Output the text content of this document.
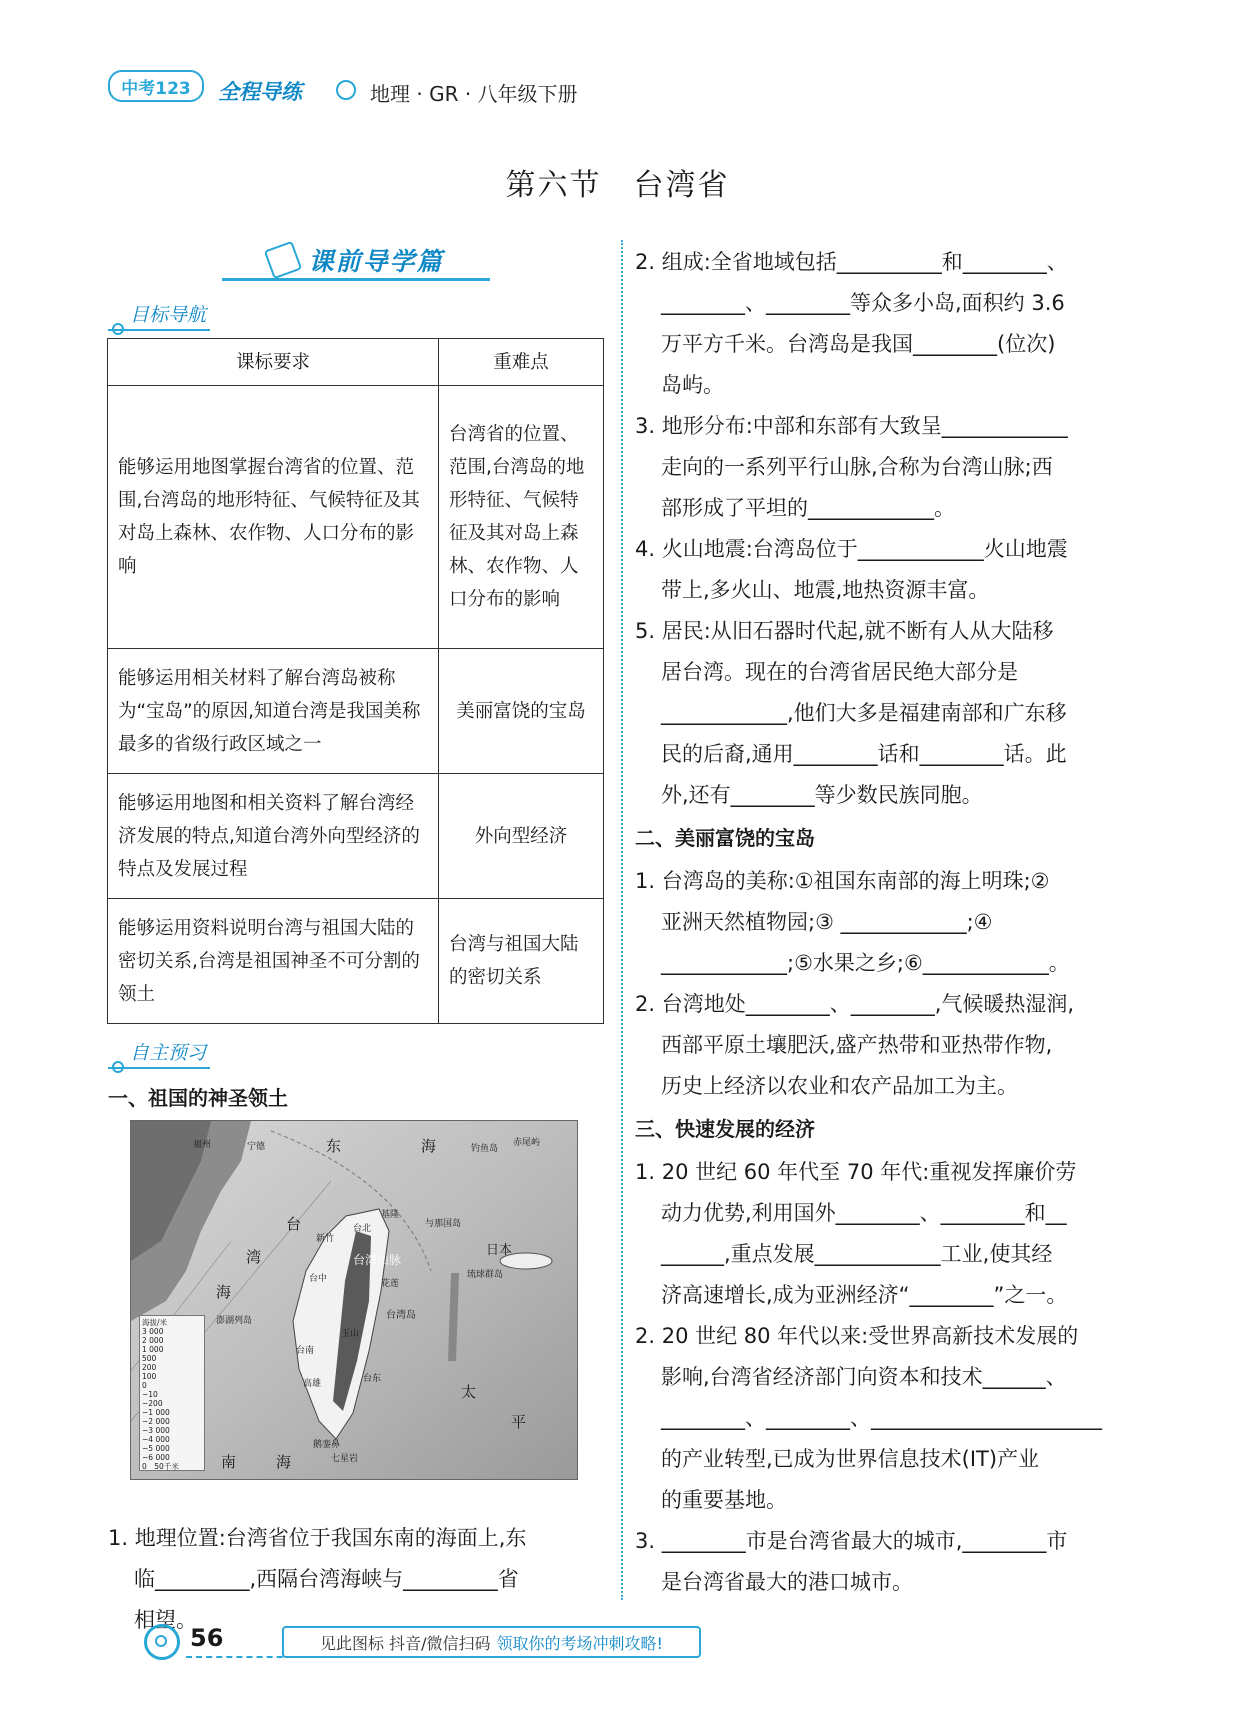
中考123	全程导练	地理 · GR · 八年级下册
第六节　台湾省
课前导学篇
目标导航
课标要求	重难点
能够运用地图掌握台湾省的位置、范围,台湾岛的地形特征、气候特征及其对岛上森林、农作物、人口分布的影响	台湾省的位置、范围,台湾岛的地形特征、气候特征及其对岛上森林、农作物、人口分布的影响
能够运用相关材料了解台湾岛被称为“宝岛”的原因,知道台湾是我国美称最多的省级行政区域之一	美丽富饶的宝岛
能够运用地图和相关资料了解台湾经济发展的特点,知道台湾外向型经济的特点及发展过程	外向型经济
能够运用资料说明台湾与祖国大陆的密切关系,台湾是祖国神圣不可分割的领土	台湾与祖国大陆的密切关系
自主预习
一、祖国的神圣领土
东	海
福州	宁德
台
湾
海
基隆
台北
新竹
台中
玉山
台南
高雄
花莲
台东
澎湖列岛	台湾岛
七星岩
鹅銮鼻
琉球群岛
日本
台湾山脉
钓鱼岛
赤尾屿
太
平
南	海
与那国岛
海拔/米
3 000
2 000
1 000
500
200
100
0
−10
−200
−1 000
−2 000
−3 000
−4 000
−5 000
−6 000
0　50千米
1. 地理位置:台湾省位于我国东南的海面上,东
临_________,西隔台湾海峡与_________省
相望。
2. 组成:全省地域包括__________和________、
________、________等众多小岛,面积约 3.6
万平方千米。台湾岛是我国________(位次)
岛屿。
3. 地形分布:中部和东部有大致呈____________
走向的一系列平行山脉,合称为台湾山脉;西
部形成了平坦的____________。
4. 火山地震:台湾岛位于____________火山地震
带上,多火山、地震,地热资源丰富。
5. 居民:从旧石器时代起,就不断有人从大陆移
居台湾。现在的台湾省居民绝大部分是
____________,他们大多是福建南部和广东移
民的后裔,通用________话和________话。此
外,还有________等少数民族同胞。
二、美丽富饶的宝岛
1. 台湾岛的美称:①祖国东南部的海上明珠;②
亚洲天然植物园;③ ____________;④
____________;⑤水果之乡;⑥____________。
2. 台湾地处________、________,气候暖热湿润,
西部平原土壤肥沃,盛产热带和亚热带作物,
历史上经济以农业和农产品加工为主。
三、快速发展的经济
1. 20 世纪 60 年代至 70 年代:重视发挥廉价劳
动力优势,利用国外________、________和__
______,重点发展____________工业,使其经
济高速增长,成为亚洲经济“________”之一。
2. 20 世纪 80 年代以来:受世界高新技术发展的
影响,台湾省经济部门向资本和技术______、
________、________、______________________
的产业转型,已成为世界信息技术(IT)产业
的重要基地。
3. ________市是台湾省最大的城市,________市
是台湾省最大的港口城市。
56	见此图标 抖音/微信扫码 领取你的考场冲刺攻略!
